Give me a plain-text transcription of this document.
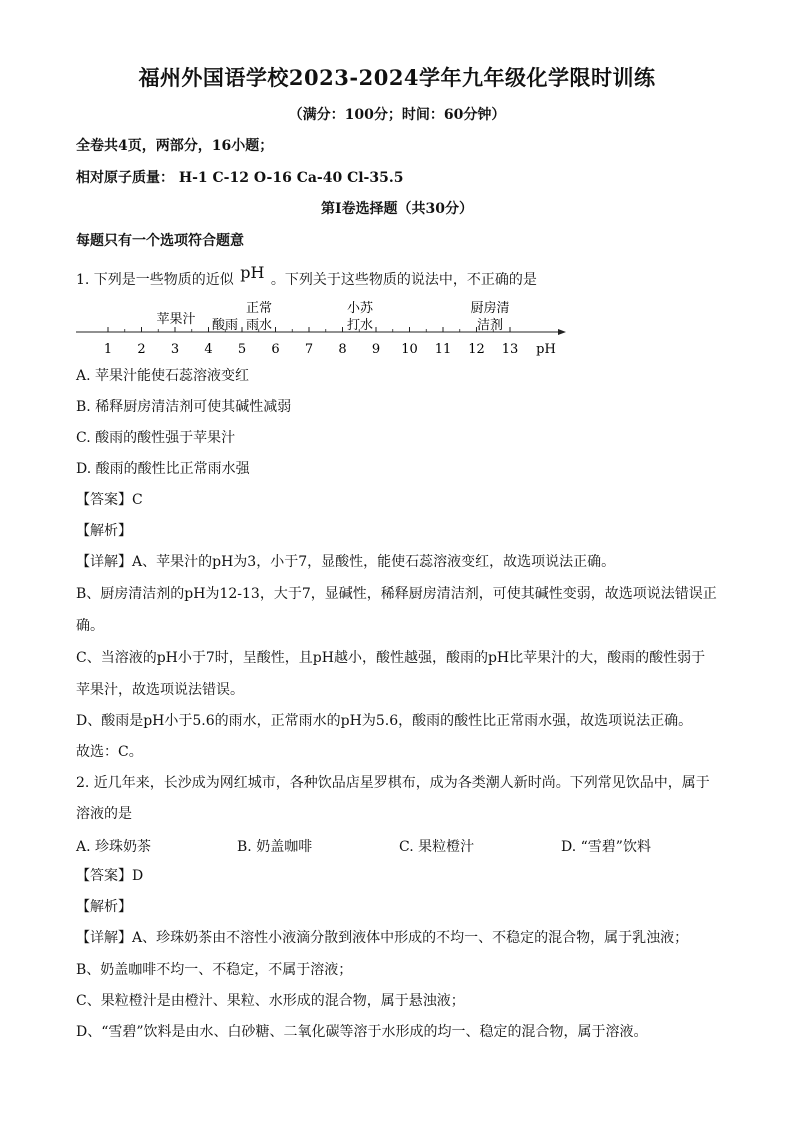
福州外国语学校2023-2024学年九年级化学限时训练
（满分：100分；时间：60分钟）
全卷共4页，两部分，16小题；
相对原子质量： H-1 C-12 O-16 Ca-40 Cl-35.5
第Ⅰ卷选择题（共30分）
每题只有一个选项符合题意
1. 下列是一些物质的近似 pH 。下列关于这些物质的说法中，不正确的是
1 2 3 4 5 6 7 8 9 10 11 12 13
苹果汁 酸雨
正常
雨水
小苏
打水
厨房清
洁剂
pH
A. 苹果汁能使石蕊溶液变红
B. 稀释厨房清洁剂可使其碱性减弱
C. 酸雨的酸性强于苹果汁
D. 酸雨的酸性比正常雨水强
【答案】C
【解析】
【详解】A、苹果汁的pH为3，小于7，显酸性，能使石蕊溶液变红，故选项说法正确。
B、厨房清洁剂的pH为12-13，大于7，显碱性，稀释厨房清洁剂，可使其碱性变弱，故选项说法错误正
确。
C、当溶液的pH小于7时，呈酸性，且pH越小，酸性越强，酸雨的pH比苹果汁的大，酸雨的酸性弱于
苹果汁，故选项说法错误。
D、酸雨是pH小于5.6的雨水，正常雨水的pH为5.6，酸雨的酸性比正常雨水强，故选项说法正确。
故选：C。
2. 近几年来，长沙成为网红城市，各种饮品店星罗棋布，成为各类潮人新时尚。下列常见饮品中，属于
溶液的是
A. 珍珠奶茶	B. 奶盖咖啡	C. 果粒橙汁	D. “雪碧”饮料
【答案】D
【解析】
【详解】A、珍珠奶茶由不溶性小液滴分散到液体中形成的不均一、不稳定的混合物，属于乳浊液；
B、奶盖咖啡不均一、不稳定，不属于溶液；
C、果粒橙汁是由橙汁、果粒、水形成的混合物，属于悬浊液；
D、“雪碧”饮料是由水、白砂糖、二氧化碳等溶于水形成的均一、稳定的混合物，属于溶液。
